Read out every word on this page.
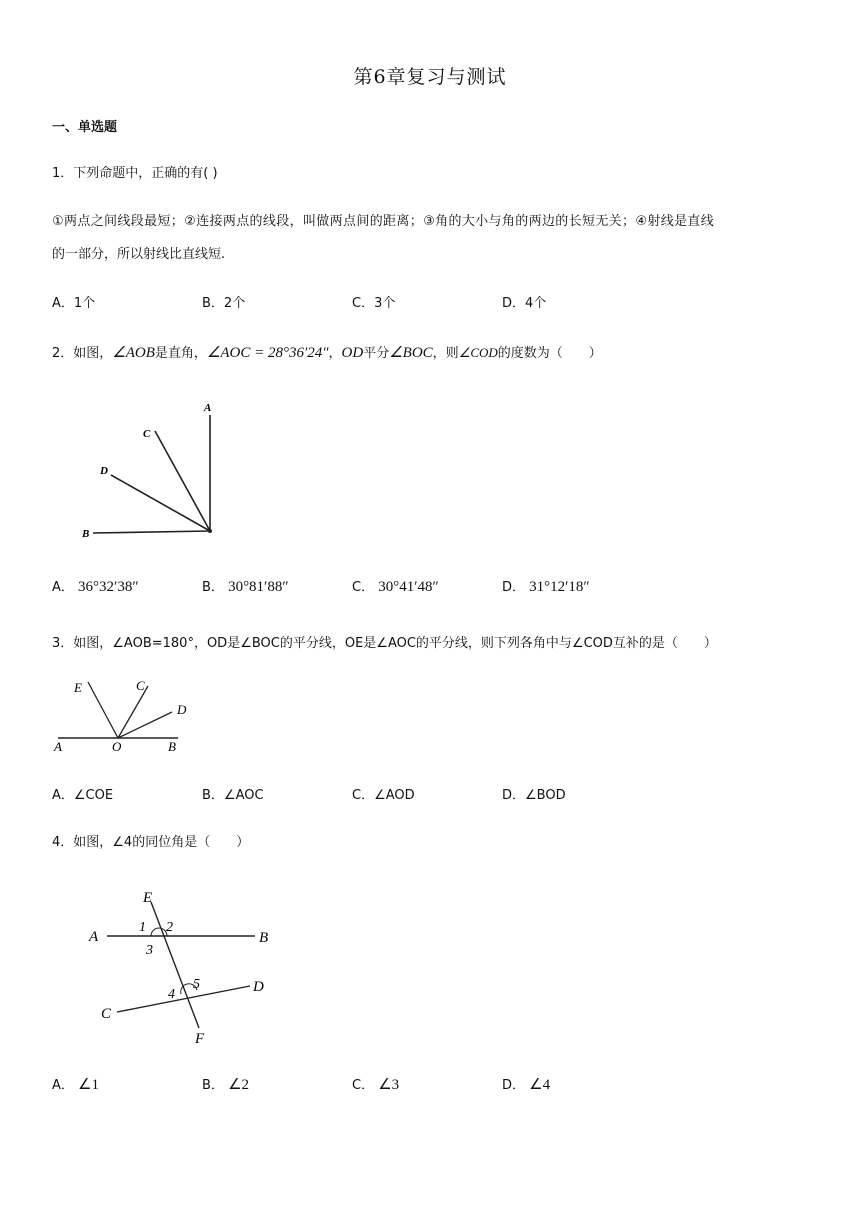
第6章复习与测试
一、单选题
1．下列命题中，正确的有( )
①两点之间线段最短；②连接两点的线段，叫做两点间的距离；③角的大小与角的两边的长短无关；④射线是直线
的一部分，所以射线比直线短.
A．1个	B．2个	C．3个	D．4个
2．如图，∠AOB是直角，∠AOC = 28°36′24″，OD平分∠BOC，则∠COD的度数为（　　）
A
C
D
B
A． 36°32′38″	B． 30°81′88″	C． 30°41′48″	D． 31°12′18″
3．如图，∠AOB=180°，OD是∠BOC的平分线，OE是∠AOC的平分线，则下列各角中与∠COD互补的是（　　）
E	C
D
A	O	B
A．∠COE	B．∠AOC	C．∠AOD	D．∠BOD
4．如图，∠4的同位角是（　　）
E
A	B
C
D
F
1 2
3
4
5
A． ∠1	B． ∠2	C． ∠3	D． ∠4
